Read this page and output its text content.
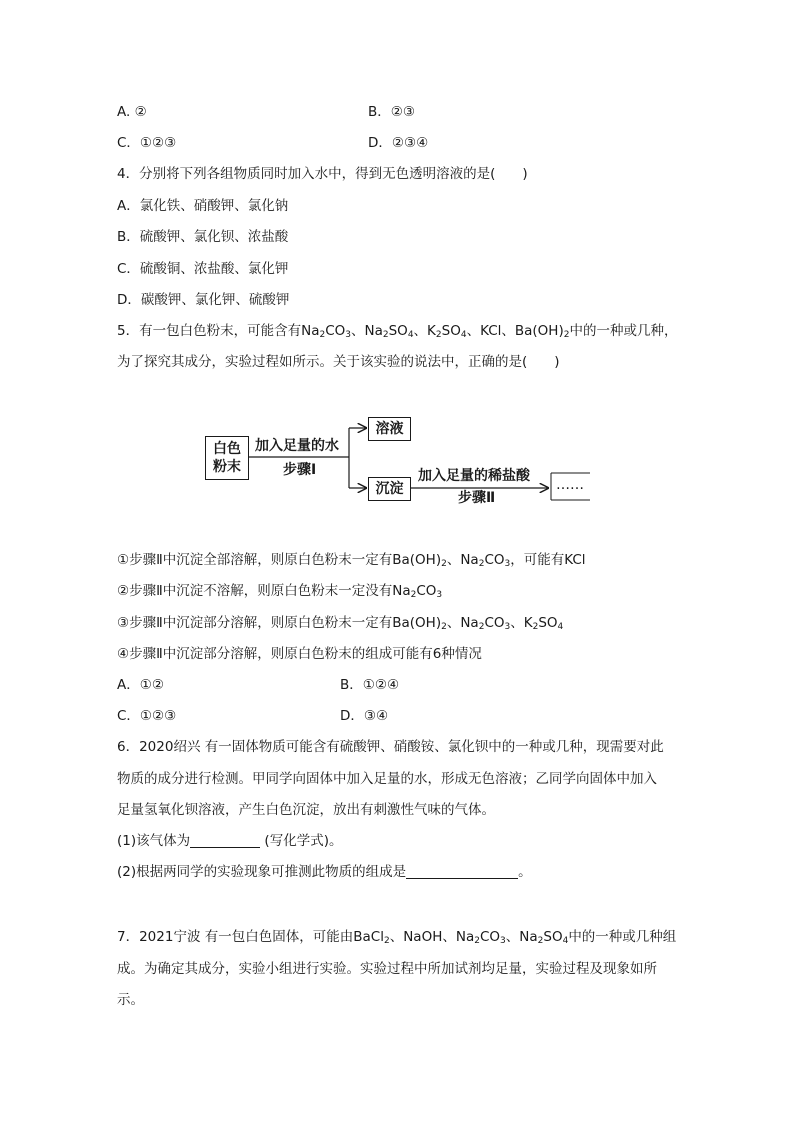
A. ②	B．②③
C．①②③	D．②③④
4．分别将下列各组物质同时加入水中，得到无色透明溶液的是(　　)
A．氯化铁、硝酸钾、氯化钠
B．硫酸钾、氯化钡、浓盐酸
C．硫酸铜、浓盐酸、氯化钾
D．碳酸钾、氯化钾、硫酸钾
5．有一包白色粉末，可能含有$Na_2CO_3$、$Na_2SO_4$、$K_2SO_4$、KCl、$Ba(OH)_2$中的一种或几种，
为了探究其成分，实验过程如所示。关于该实验的说法中，正确的是(　　)
白色粉末
加入足量的水
步骤Ⅰ
溶液
沉淀
加入足量的稀盐酸
步骤Ⅱ
……
①步骤Ⅱ中沉淀全部溶解，则原白色粉末一定有$Ba(OH)_2$、$Na_2CO_3$，可能有KCl
②步骤Ⅱ中沉淀不溶解，则原白色粉末一定没有$Na_2CO_3$
③步骤Ⅱ中沉淀部分溶解，则原白色粉末一定有$Ba(OH)_2$、$Na_2CO_3$、$K_2SO_4$
④步骤Ⅱ中沉淀部分溶解，则原白色粉末的组成可能有6种情况
A．①②	B．①②④
C．①②③	D．③④
6．2020绍兴 有一固体物质可能含有硫酸钾、硝酸铵、氯化钡中的一种或几种，现需要对此
物质的成分进行检测。甲同学向固体中加入足量的水，形成无色溶液；乙同学向固体中加入
足量氢氧化钡溶液，产生白色沉淀，放出有刺激性气味的气体。
(1)该气体为	(写化学式)。
(2)根据两同学的实验现象可推测此物质的组成是	。
7．2021宁波 有一包白色固体，可能由BaCl$_2$、NaOH、$Na_2CO_3$、$Na_2SO_4$中的一种或几种组
成。为确定其成分，实验小组进行实验。实验过程中所加试剂均足量，实验过程及现象如所
示。
